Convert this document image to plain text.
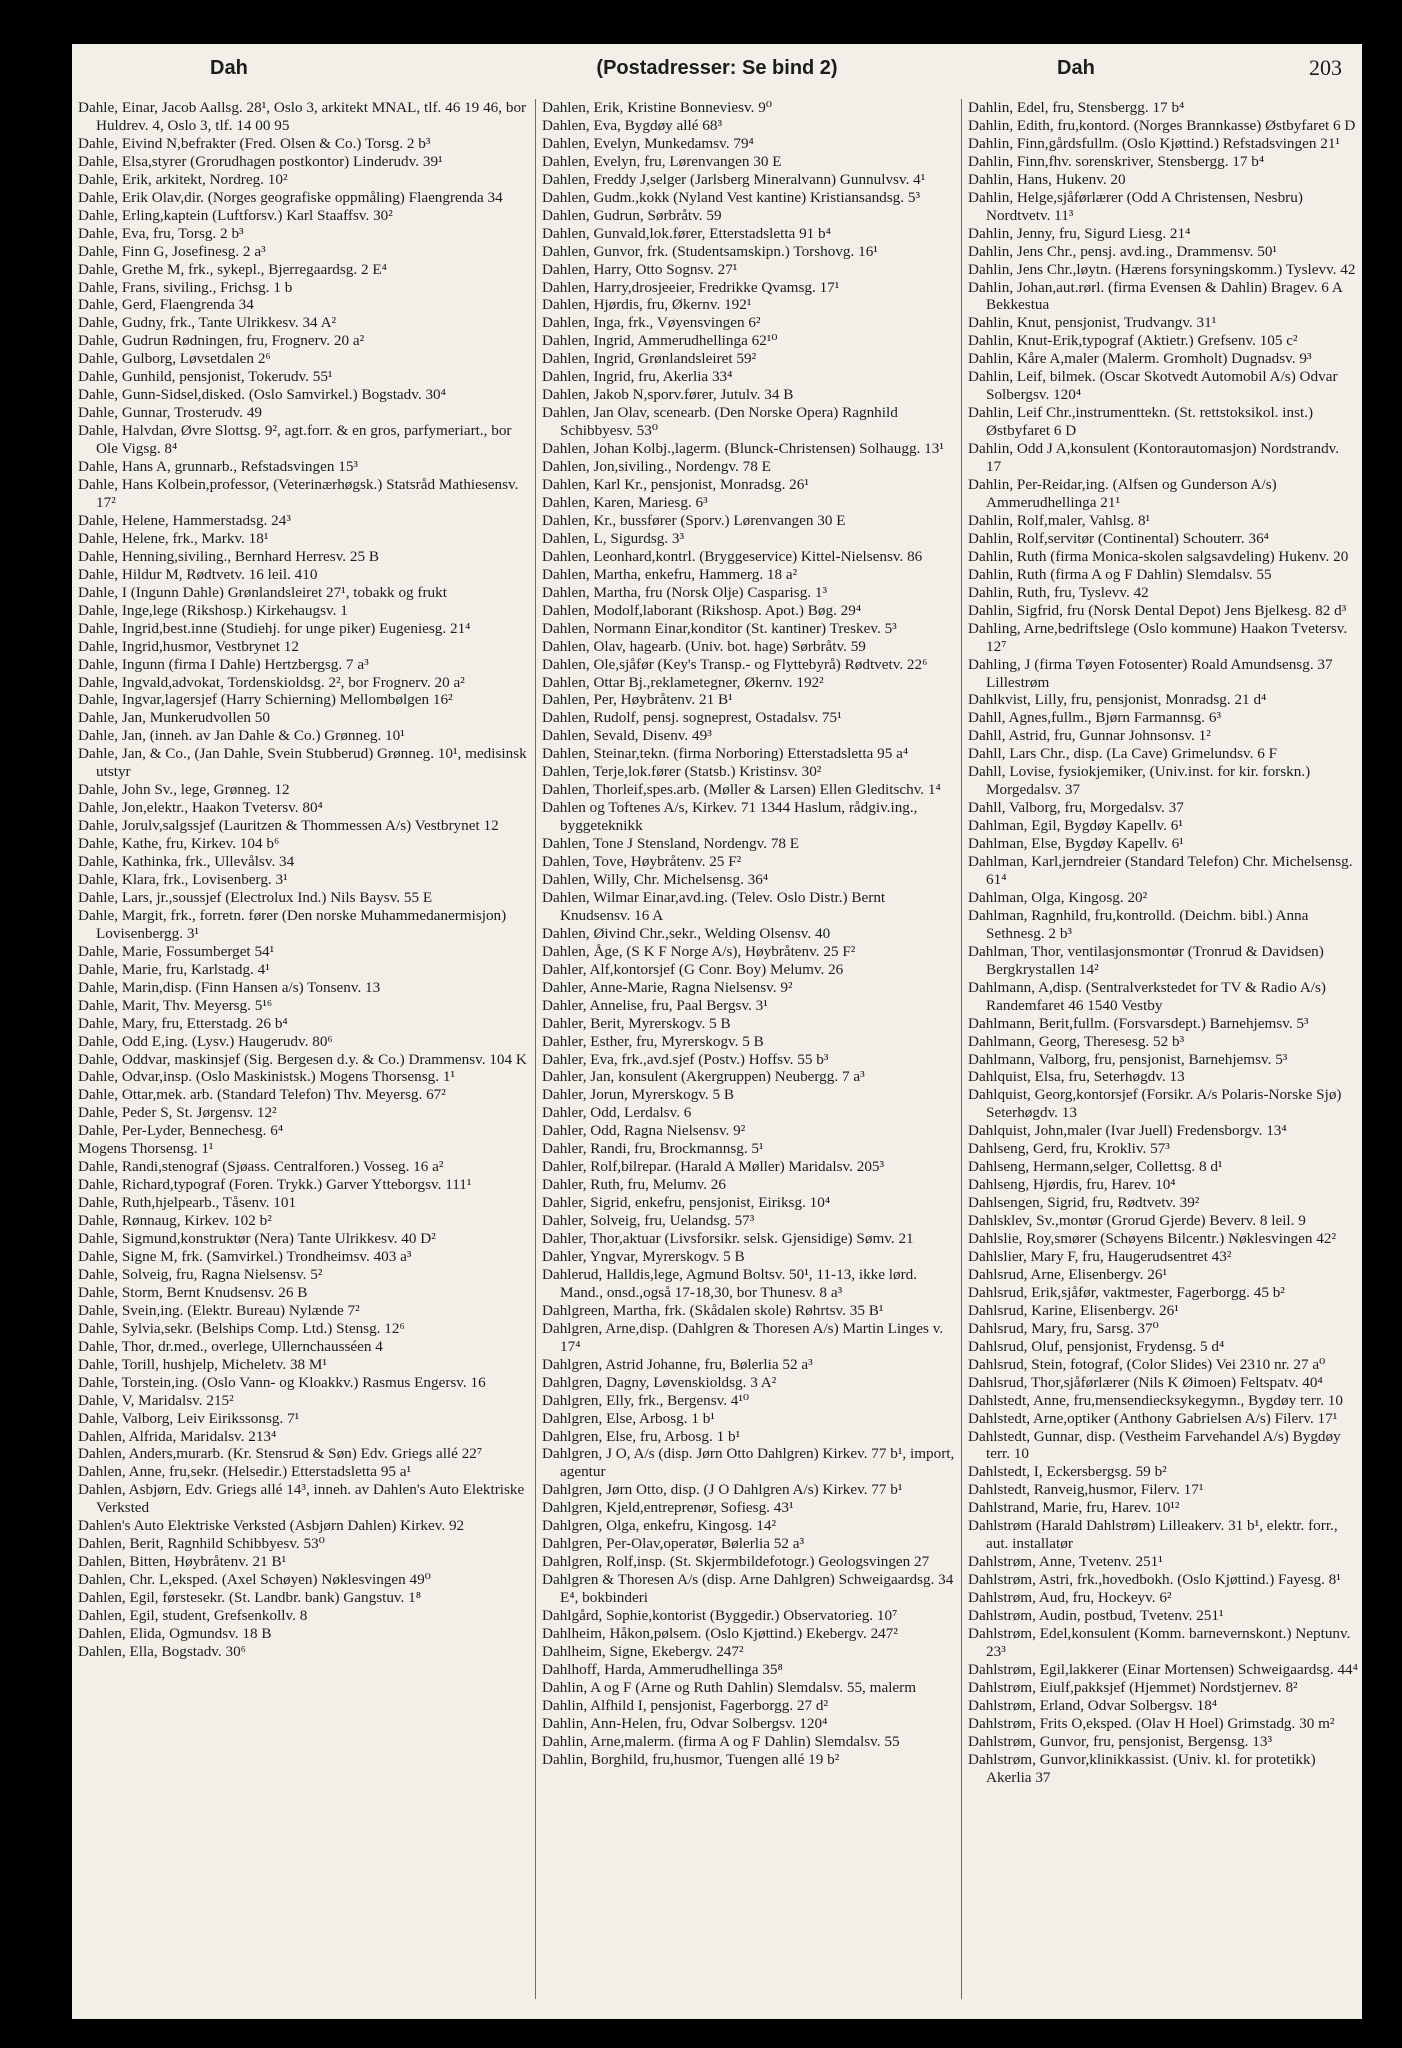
Dah	(Postadresser: Se bind 2)	Dah	203

Dahle, Einar, Jacob Aallsg. 28¹, Oslo 3, arkitekt MNAL, tlf. 46 19 46, bor Huldrev. 4, Oslo 3, tlf. 14 00 95

Dahle, Eivind N,befrakter (Fred. Olsen & Co.) Torsg. 2 b³

Dahle, Elsa,styrer (Grorudhagen postkontor) Linderudv. 39¹

Dahle, Erik, arkitekt, Nordreg. 10²

Dahle, Erik Olav,dir. (Norges geografiske oppmåling) Flaengrenda 34

Dahle, Erling,kaptein (Luftforsv.) Karl Staaffsv. 30²

Dahle, Eva, fru, Torsg. 2 b³

Dahle, Finn G, Josefinesg. 2 a³

Dahle, Grethe M, frk., sykepl., Bjerregaardsg. 2 E⁴

Dahle, Frans, siviling., Frichsg. 1 b

Dahle, Gerd, Flaengrenda 34

Dahle, Gudny, frk., Tante Ulrikkesv. 34 A²

Dahle, Gudrun Rødningen, fru, Frognerv. 20 a²

Dahle, Gulborg, Løvsetdalen 2⁶

Dahle, Gunhild, pensjonist, Tokerudv. 55¹

Dahle, Gunn-Sidsel,disked. (Oslo Samvirkel.) Bogstadv. 30⁴

Dahle, Gunnar, Trosterudv. 49

Dahle, Halvdan, Øvre Slottsg. 9², agt.forr. & en gros, parfymeriart., bor Ole Vigsg. 8⁴

Dahle, Hans A, grunnarb., Refstadsvingen 15³

Dahle, Hans Kolbein,professor, (Veterinærhøgsk.) Statsråd Mathiesensv. 17²

Dahle, Helene, Hammerstadsg. 24³

Dahle, Helene, frk., Markv. 18¹

Dahle, Henning,siviling., Bernhard Herresv. 25 B

Dahle, Hildur M, Rødtvetv. 16 leil. 410

Dahle, I (Ingunn Dahle) Grønlandsleiret 27¹, tobakk og frukt

Dahle, Inge,lege (Rikshosp.) Kirkehaugsv. 1

Dahle, Ingrid,best.inne (Studiehj. for unge piker) Eugeniesg. 21⁴

Dahle, Ingrid,husmor, Vestbrynet 12

Dahle, Ingunn (firma I Dahle) Hertzbergsg. 7 a³

Dahle, Ingvald,advokat, Tordenskioldsg. 2², bor Frognerv. 20 a²

Dahle, Ingvar,lagersjef (Harry Schierning) Mellombølgen 16²

Dahle, Jan, Munkerudvollen 50

Dahle, Jan, (inneh. av Jan Dahle & Co.) Grønneg. 10¹

Dahle, Jan, & Co., (Jan Dahle, Svein Stubberud) Grønneg. 10¹, medisinsk utstyr

Dahle, John Sv., lege, Grønneg. 12

Dahle, Jon,elektr., Haakon Tvetersv. 80⁴

Dahle, Jorulv,salgssjef (Lauritzen & Thommessen A/s) Vestbrynet 12

Dahle, Kathe, fru, Kirkev. 104 b⁶

Dahle, Kathinka, frk., Ullevålsv. 34

Dahle, Klara, frk., Lovisenberg. 3¹

Dahle, Lars, jr.,soussjef (Electrolux Ind.) Nils Baysv. 55 E

Dahle, Margit, frk., forretn. fører (Den norske Muhammedanermisjon) Lovisenbergg. 3¹

Dahle, Marie, Fossumberget 54¹

Dahle, Marie, fru, Karlstadg. 4¹

Dahle, Marin,disp. (Finn Hansen a/s) Tonsenv. 13

Dahle, Marit, Thv. Meyersg. 5¹⁶

Dahle, Mary, fru, Etterstadg. 26 b⁴

Dahle, Odd E,ing. (Lysv.) Haugerudv. 80⁶

Dahle, Oddvar, maskinsjef (Sig. Bergesen d.y. & Co.) Drammensv. 104 K

Dahle, Odvar,insp. (Oslo Maskinistsk.) Mogens Thorsensg. 1¹

Dahle, Ottar,mek. arb. (Standard Telefon) Thv. Meyersg. 67²

Dahle, Peder S, St. Jørgensv. 12²

Dahle, Per-Lyder, Bennechesg. 6⁴

Mogens Thorsensg. 1¹

Dahle, Randi,stenograf (Sjøass. Centralforen.) Vosseg. 16 a²

Dahle, Richard,typograf (Foren. Trykk.) Garver Ytteborgsv. 111¹

Dahle, Ruth,hjelpearb., Tåsenv. 101

Dahle, Rønnaug, Kirkev. 102 b²

Dahle, Sigmund,konstruktør (Nera) Tante Ulrikkesv. 40 D²

Dahle, Signe M, frk. (Samvirkel.) Trondheimsv. 403 a³

Dahle, Solveig, fru, Ragna Nielsensv. 5²

Dahle, Storm, Bernt Knudsensv. 26 B

Dahle, Svein,ing. (Elektr. Bureau) Nylænde 7²

Dahle, Sylvia,sekr. (Belships Comp. Ltd.) Stensg. 12⁶

Dahle, Thor, dr.med., overlege, Ullernchausséen 4

Dahle, Torill, hushjelp, Micheletv. 38 M¹

Dahle, Torstein,ing. (Oslo Vann- og Kloakkv.) Rasmus Engersv. 16

Dahle, V, Maridalsv. 215²

Dahle, Valborg, Leiv Eirikssonsg. 7¹

Dahlen, Alfrida, Maridalsv. 213⁴

Dahlen, Anders,murarb. (Kr. Stensrud & Søn) Edv. Griegs allé 22⁷

Dahlen, Anne, fru,sekr. (Helsedir.) Etterstadsletta 95 a¹

Dahlen, Asbjørn, Edv. Griegs allé 14³, inneh. av Dahlen's Auto Elektriske Verksted

Dahlen's Auto Elektriske Verksted (Asbjørn Dahlen) Kirkev. 92

Dahlen, Berit, Ragnhild Schibbyesv. 53⁰

Dahlen, Bitten, Høybråtenv. 21 B¹

Dahlen, Chr. L,eksped. (Axel Schøyen) Nøklesvingen 49⁰

Dahlen, Egil, førstesekr. (St. Landbr. bank) Gangstuv. 1⁸

Dahlen, Egil, student, Grefsenkollv. 8

Dahlen, Elida, Ogmundsv. 18 B

Dahlen, Ella, Bogstadv. 30⁶

Dahlen, Erik, Kristine Bonneviesv. 9⁰

Dahlen, Eva, Bygdøy allé 68³

Dahlen, Evelyn, Munkedamsv. 79⁴

Dahlen, Evelyn, fru, Lørenvangen 30 E

Dahlen, Freddy J,selger (Jarlsberg Mineralvann) Gunnulvsv. 4¹

Dahlen, Gudm.,kokk (Nyland Vest kantine) Kristiansandsg. 5³

Dahlen, Gudrun, Sørbråtv. 59

Dahlen, Gunvald,lok.fører, Etterstadsletta 91 b⁴

Dahlen, Gunvor, frk. (Studentsamskipn.) Torshovg. 16¹

Dahlen, Harry, Otto Sognsv. 27¹

Dahlen, Harry,drosjeeier, Fredrikke Qvamsg. 17¹

Dahlen, Hjørdis, fru, Økernv. 192¹

Dahlen, Inga, frk., Vøyensvingen 6²

Dahlen, Ingrid, Ammerudhellinga 62¹⁰

Dahlen, Ingrid, Grønlandsleiret 59²

Dahlen, Ingrid, fru, Akerlia 33⁴

Dahlen, Jakob N,sporv.fører, Jutulv. 34 B

Dahlen, Jan Olav, scenearb. (Den Norske Opera) Ragnhild Schibbyesv. 53⁰

Dahlen, Johan Kolbj.,lagerm. (Blunck-Christensen) Solhaugg. 13¹

Dahlen, Jon,siviling., Nordengv. 78 E

Dahlen, Karl Kr., pensjonist, Monradsg. 26¹

Dahlen, Karen, Mariesg. 6³

Dahlen, Kr., bussfører (Sporv.) Lørenvangen 30 E

Dahlen, L, Sigurdsg. 3³

Dahlen, Leonhard,kontrl. (Bryggeservice) Kittel-Nielsensv. 86

Dahlen, Martha, enkefru, Hammerg. 18 a²

Dahlen, Martha, fru (Norsk Olje) Casparisg. 1³

Dahlen, Modolf,laborant (Rikshosp. Apot.) Bøg. 29⁴

Dahlen, Normann Einar,konditor (St. kantiner) Treskev. 5³

Dahlen, Olav, hagearb. (Univ. bot. hage) Sørbråtv. 59

Dahlen, Ole,sjåfør (Key's Transp.- og Flyttebyrå) Rødtvetv. 22⁶

Dahlen, Ottar Bj.,reklametegner, Økernv. 192²

Dahlen, Per, Høybråtenv. 21 B¹

Dahlen, Rudolf, pensj. sogneprest, Ostadalsv. 75¹

Dahlen, Sevald, Disenv. 49³

Dahlen, Steinar,tekn. (firma Norboring) Etterstadsletta 95 a⁴

Dahlen, Terje,lok.fører (Statsb.) Kristinsv. 30²

Dahlen, Thorleif,spes.arb. (Møller & Larsen) Ellen Gleditschv. 1⁴

Dahlen og Toftenes A/s, Kirkev. 71 1344 Haslum, rådgiv.ing., byggeteknikk

Dahlen, Tone J Stensland, Nordengv. 78 E

Dahlen, Tove, Høybråtenv. 25 F²

Dahlen, Willy, Chr. Michelsensg. 36⁴

Dahlen, Wilmar Einar,avd.ing. (Telev. Oslo Distr.) Bernt Knudsensv. 16 A

Dahlen, Øivind Chr.,sekr., Welding Olsensv. 40

Dahlen, Åge, (S K F Norge A/s), Høybråtenv. 25 F²

Dahler, Alf,kontorsjef (G Conr. Boy) Melumv. 26

Dahler, Anne-Marie, Ragna Nielsensv. 9²

Dahler, Annelise, fru, Paal Bergsv. 3¹

Dahler, Berit, Myrerskogv. 5 B

Dahler, Esther, fru, Myrerskogv. 5 B

Dahler, Eva, frk.,avd.sjef (Postv.) Hoffsv. 55 b³

Dahler, Jan, konsulent (Akergruppen) Neubergg. 7 a³

Dahler, Jorun, Myrerskogv. 5 B

Dahler, Odd, Lerdalsv. 6

Dahler, Odd, Ragna Nielsensv. 9²

Dahler, Randi, fru, Brockmannsg. 5¹

Dahler, Rolf,bilrepar. (Harald A Møller) Maridalsv. 205³

Dahler, Ruth, fru, Melumv. 26

Dahler, Sigrid, enkefru, pensjonist, Eiriksg. 10⁴

Dahler, Solveig, fru, Uelandsg. 57³

Dahler, Thor,aktuar (Livsforsikr. selsk. Gjensidige) Sømv. 21

Dahler, Yngvar, Myrerskogv. 5 B

Dahlerud, Halldis,lege, Agmund Boltsv. 50¹, 11-13, ikke lørd. Mand., onsd.,også 17-18,30, bor Thunesv. 8 a³

Dahlgreen, Martha, frk. (Skådalen skole) Røhrtsv. 35 B¹

Dahlgren, Arne,disp. (Dahlgren & Thoresen A/s) Martin Linges v. 17⁴

Dahlgren, Astrid Johanne, fru, Bølerlia 52 a³

Dahlgren, Dagny, Løvenskioldsg. 3 A²

Dahlgren, Elly, frk., Bergensv. 4¹⁰

Dahlgren, Else, Arbosg. 1 b¹

Dahlgren, Else, fru, Arbosg. 1 b¹

Dahlgren, J O, A/s (disp. Jørn Otto Dahlgren) Kirkev. 77 b¹, import, agentur

Dahlgren, Jørn Otto, disp. (J O Dahlgren A/s) Kirkev. 77 b¹

Dahlgren, Kjeld,entreprenør, Sofiesg. 43¹

Dahlgren, Olga, enkefru, Kingosg. 14²

Dahlgren, Per-Olav,operatør, Bølerlia 52 a³

Dahlgren, Rolf,insp. (St. Skjermbildefotogr.) Geologsvingen 27

Dahlgren & Thoresen A/s (disp. Arne Dahlgren) Schweigaardsg. 34 E⁴, bokbinderi

Dahlgård, Sophie,kontorist (Byggedir.) Observatorieg. 10⁷

Dahlheim, Håkon,pølsem. (Oslo Kjøttind.) Ekebergv. 247²

Dahlheim, Signe, Ekebergv. 247²

Dahlhoff, Harda, Ammerudhellinga 35⁸

Dahlin, A og F (Arne og Ruth Dahlin) Slemdalsv. 55, malerm

Dahlin, Alfhild I, pensjonist, Fagerborgg. 27 d²

Dahlin, Ann-Helen, fru, Odvar Solbergsv. 120⁴

Dahlin, Arne,malerm. (firma A og F Dahlin) Slemdalsv. 55

Dahlin, Borghild, fru,husmor, Tuengen allé 19 b²

Dahlin, Edel, fru, Stensbergg. 17 b⁴

Dahlin, Edith, fru,kontord. (Norges Brannkasse) Østbyfaret 6 D

Dahlin, Finn,gårdsfullm. (Oslo Kjøttind.) Refstadsvingen 21¹

Dahlin, Finn,fhv. sorenskriver, Stensbergg. 17 b⁴

Dahlin, Hans, Hukenv. 20

Dahlin, Helge,sjåførlærer (Odd A Christensen, Nesbru) Nordtvetv. 11³

Dahlin, Jenny, fru, Sigurd Liesg. 21⁴

Dahlin, Jens Chr., pensj. avd.ing., Drammensv. 50¹

Dahlin, Jens Chr.,løytn. (Hærens forsyningskomm.) Tyslevv. 42

Dahlin, Johan,aut.rørl. (firma Evensen & Dahlin) Bragev. 6 A Bekkestua

Dahlin, Knut, pensjonist, Trudvangv. 31¹

Dahlin, Knut-Erik,typograf (Aktietr.) Grefsenv. 105 c²

Dahlin, Kåre A,maler (Malerm. Gromholt) Dugnadsv. 9³

Dahlin, Leif, bilmek. (Oscar Skotvedt Automobil A/s) Odvar Solbergsv. 120⁴

Dahlin, Leif Chr.,instrumenttekn. (St. rettstoksikol. inst.) Østbyfaret 6 D

Dahlin, Odd J A,konsulent (Kontorautomasjon) Nordstrandv. 17

Dahlin, Per-Reidar,ing. (Alfsen og Gunderson A/s) Ammerudhellinga 21¹

Dahlin, Rolf,maler, Vahlsg. 8¹

Dahlin, Rolf,servitør (Continental) Schouterr. 36⁴

Dahlin, Ruth (firma Monica-skolen salgsavdeling) Hukenv. 20

Dahlin, Ruth (firma A og F Dahlin) Slemdalsv. 55

Dahlin, Ruth, fru, Tyslevv. 42

Dahlin, Sigfrid, fru (Norsk Dental Depot) Jens Bjelkesg. 82 d³

Dahling, Arne,bedriftslege (Oslo kommune) Haakon Tvetersv. 12⁷

Dahling, J (firma Tøyen Fotosenter) Roald Amundsensg. 37 Lillestrøm

Dahlkvist, Lilly, fru, pensjonist, Monradsg. 21 d⁴

Dahll, Agnes,fullm., Bjørn Farmannsg. 6³

Dahll, Astrid, fru, Gunnar Johnsonsv. 1²

Dahll, Lars Chr., disp. (La Cave) Grimelundsv. 6 F

Dahll, Lovise, fysiokjemiker, (Univ.inst. for kir. forskn.) Morgedalsv. 37

Dahll, Valborg, fru, Morgedalsv. 37

Dahlman, Egil, Bygdøy Kapellv. 6¹

Dahlman, Else, Bygdøy Kapellv. 6¹

Dahlman, Karl,jerndreier (Standard Telefon) Chr. Michelsensg. 61⁴

Dahlman, Olga, Kingosg. 20²

Dahlman, Ragnhild, fru,kontrolld. (Deichm. bibl.) Anna Sethnesg. 2 b³

Dahlman, Thor, ventilasjonsmontør (Tronrud & Davidsen) Bergkrystallen 14²

Dahlmann, A,disp. (Sentralverkstedet for TV & Radio A/s) Randemfaret 46 1540 Vestby

Dahlmann, Berit,fullm. (Forsvarsdept.) Barnehjemsv. 5³

Dahlmann, Georg, Theresesg. 52 b³

Dahlmann, Valborg, fru, pensjonist, Barnehjemsv. 5³

Dahlquist, Elsa, fru, Seterhøgdv. 13

Dahlquist, Georg,kontorsjef (Forsikr. A/s Polaris-Norske Sjø) Seterhøgdv. 13

Dahlquist, John,maler (Ivar Juell) Fredensborgv. 13⁴

Dahlseng, Gerd, fru, Krokliv. 57³

Dahlseng, Hermann,selger, Collettsg. 8 d¹

Dahlseng, Hjørdis, fru, Harev. 10⁴

Dahlsengen, Sigrid, fru, Rødtvetv. 39²

Dahlsklev, Sv.,montør (Grorud Gjerde) Beverv. 8 leil. 9

Dahlslie, Roy,smører (Schøyens Bilcentr.) Nøklesvingen 42²

Dahlslier, Mary F, fru, Haugerudsentret 43²

Dahlsrud, Arne, Elisenbergv. 26¹

Dahlsrud, Erik,sjåfør, vaktmester, Fagerborgg. 45 b²

Dahlsrud, Karine, Elisenbergv. 26¹

Dahlsrud, Mary, fru, Sarsg. 37⁰

Dahlsrud, Oluf, pensjonist, Frydensg. 5 d⁴

Dahlsrud, Stein, fotograf, (Color Slides) Vei 2310 nr. 27 a⁰

Dahlsrud, Thor,sjåførlærer (Nils K Øimoen) Feltspatv. 40⁴

Dahlstedt, Anne, fru,mensendiecksykegymn., Bygdøy terr. 10

Dahlstedt, Arne,optiker (Anthony Gabrielsen A/s) Filerv. 17¹

Dahlstedt, Gunnar, disp. (Vestheim Farvehandel A/s) Bygdøy terr. 10

Dahlstedt, I, Eckersbergsg. 59 b²

Dahlstedt, Ranveig,husmor, Filerv. 17¹

Dahlstrand, Marie, fru, Harev. 10¹²

Dahlstrøm (Harald Dahlstrøm) Lilleakerv. 31 b¹, elektr. forr., aut. installatør

Dahlstrøm, Anne, Tvetenv. 251¹

Dahlstrøm, Astri, frk.,hovedbokh. (Oslo Kjøttind.) Fayesg. 8¹

Dahlstrøm, Aud, fru, Hockeyv. 6²

Dahlstrøm, Audin, postbud, Tvetenv. 251¹

Dahlstrøm, Edel,konsulent (Komm. barnevernskont.) Neptunv. 23³

Dahlstrøm, Egil,lakkerer (Einar Mortensen) Schweigaardsg. 44⁴

Dahlstrøm, Eiulf,pakksjef (Hjemmet) Nordstjernev. 8²

Dahlstrøm, Erland, Odvar Solbergsv. 18⁴

Dahlstrøm, Frits O,eksped. (Olav H Hoel) Grimstadg. 30 m²

Dahlstrøm, Gunvor, fru, pensjonist, Bergensg. 13³

Dahlstrøm, Gunvor,klinikkassist. (Univ. kl. for protetikk) Akerlia 37
